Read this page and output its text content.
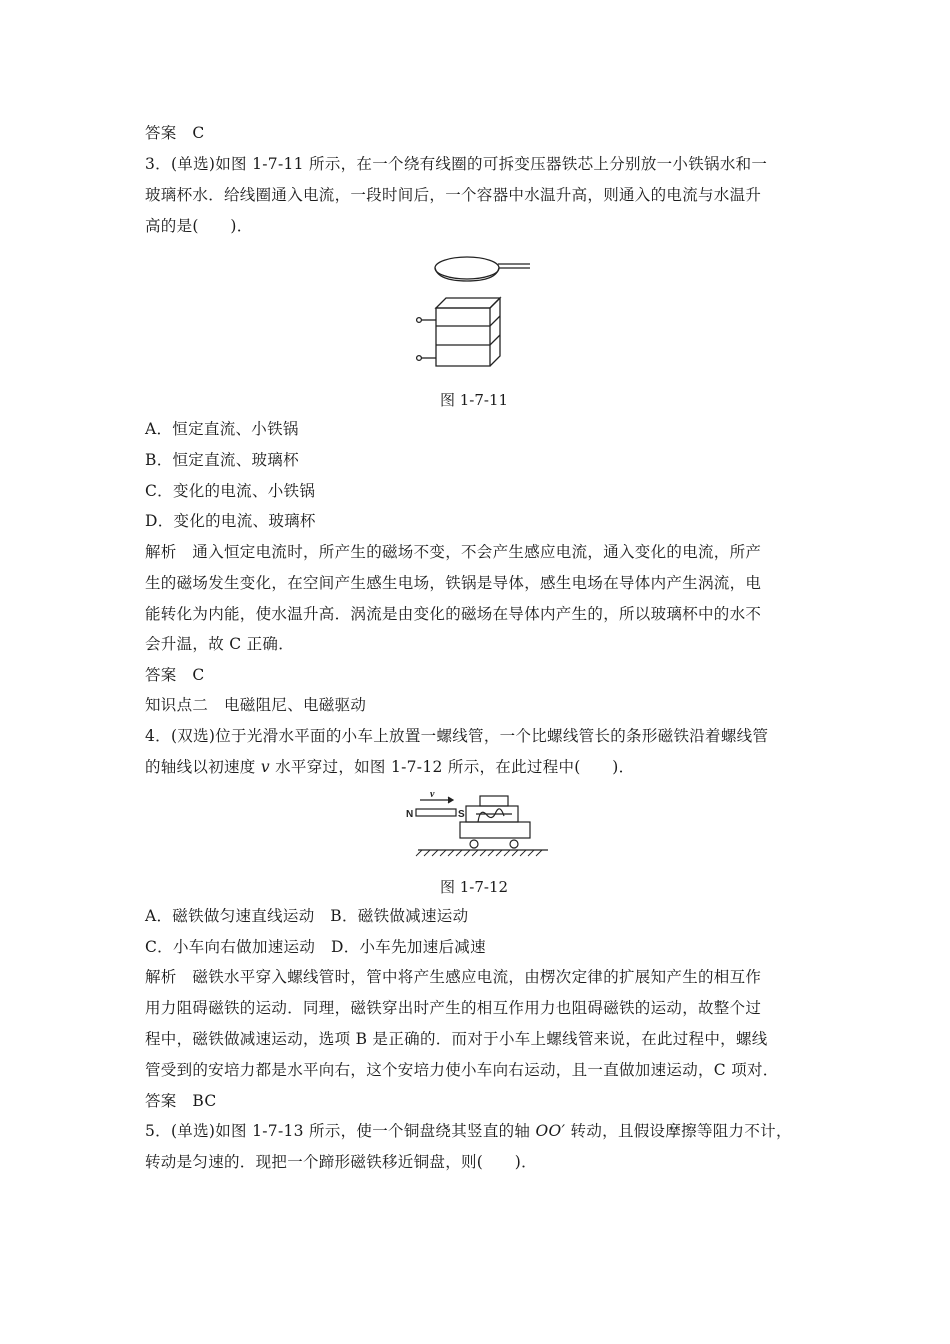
答案　C
3．(单选)如图 1-7-11 所示，在一个绕有线圈的可拆变压器铁芯上分别放一小铁锅水和一
玻璃杯水．给线圈通入电流，一段时间后，一个容器中水温升高，则通入的电流与水温升
高的是(　　)．
图 1-7-11
A．恒定直流、小铁锅
B．恒定直流、玻璃杯
C．变化的电流、小铁锅
D．变化的电流、玻璃杯
解析　通入恒定电流时，所产生的磁场不变，不会产生感应电流，通入变化的电流，所产
生的磁场发生变化，在空间产生感生电场，铁锅是导体，感生电场在导体内产生涡流，电
能转化为内能，使水温升高．涡流是由变化的磁场在导体内产生的，所以玻璃杯中的水不
会升温，故 C 正确．
答案　C
知识点二　电磁阻尼、电磁驱动
4．(双选)位于光滑水平面的小车上放置一螺线管，一个比螺线管长的条形磁铁沿着螺线管
的轴线以初速度 v 水平穿过，如图 1-7-12 所示，在此过程中(　　)．
N	S
v
图 1-7-12
A．磁铁做匀速直线运动　B．磁铁做减速运动
C．小车向右做加速运动　D．小车先加速后减速
解析　磁铁水平穿入螺线管时，管中将产生感应电流，由楞次定律的扩展知产生的相互作
用力阻碍磁铁的运动．同理，磁铁穿出时产生的相互作用力也阻碍磁铁的运动，故整个过
程中，磁铁做减速运动，选项 B 是正确的．而对于小车上螺线管来说，在此过程中，螺线
管受到的安培力都是水平向右，这个安培力使小车向右运动，且一直做加速运动，C 项对．
答案　BC
5．(单选)如图 1-7-13 所示，使一个铜盘绕其竖直的轴 OO′ 转动，且假设摩擦等阻力不计，
转动是匀速的．现把一个蹄形磁铁移近铜盘，则(　　)．
